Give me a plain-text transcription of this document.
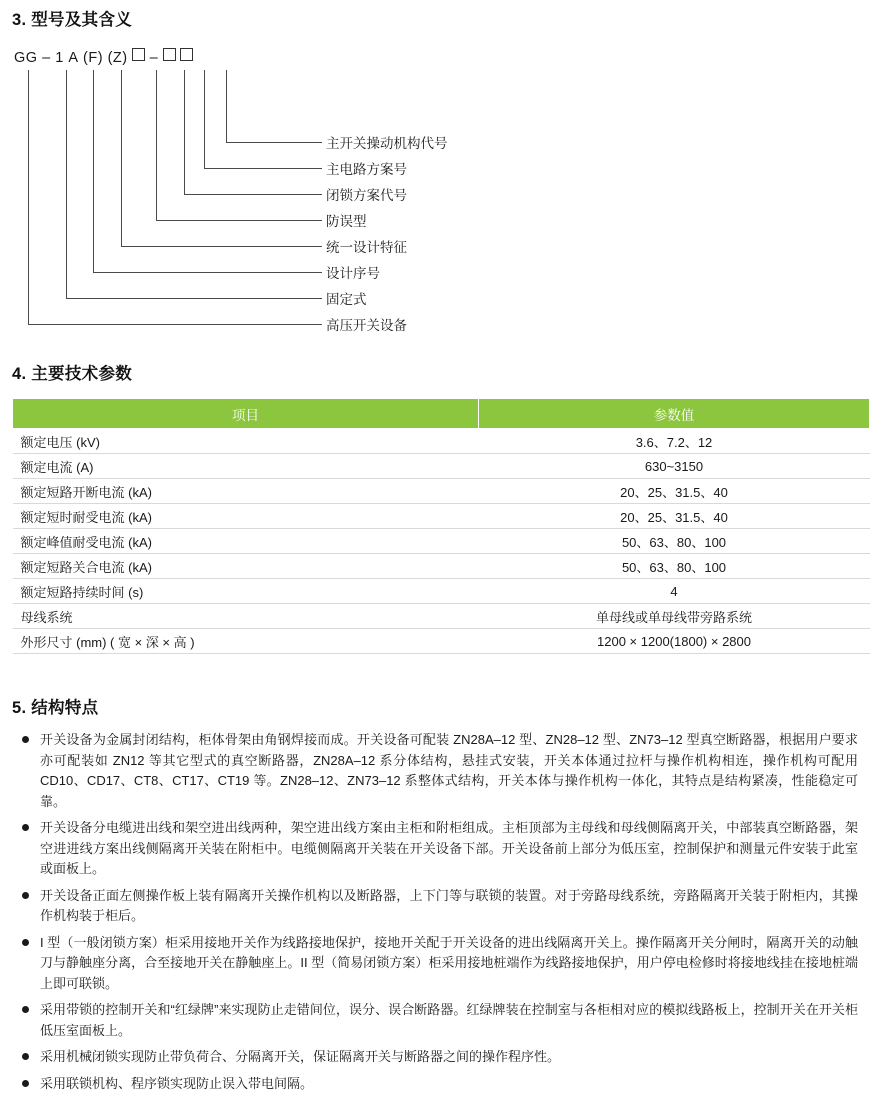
3. 型号及其含义
GG – 1 A (F) (Z) –
主开关操动机构代号
主电路方案号
闭锁方案代号
防误型
统一设计特征
设计序号
固定式
高压开关设备
4. 主要技术参数
项目	参数值
额定电压 (kV)	3.6、7.2、12
额定电流 (A)	630~3150
额定短路开断电流 (kA)	20、25、31.5、40
额定短时耐受电流 (kA)	20、25、31.5、40
额定峰值耐受电流 (kA)	50、63、80、100
额定短路关合电流 (kA)	50、63、80、100
额定短路持续时间 (s)	4
母线系统	单母线或单母线带旁路系统
外形尺寸 (mm) ( 宽 × 深 × 高 )	1200 × 1200(1800) × 2800
5. 结构特点
开关设备为金属封闭结构，柜体骨架由角钢焊接而成。开关设备可配装 ZN28A–12 型、ZN28–12 型、ZN73–12 型真空断路器，根据用户要求亦可配装如 ZN12 等其它型式的真空断路器，ZN28A–12 系分体结构，悬挂式安装，开关本体通过拉杆与操作机构相连，操作机构可配用 CD10、CD17、CT8、CT17、CT19 等。ZN28–12、ZN73–12 系整体式结构，开关本体与操作机构一体化，其特点是结构紧凑，性能稳定可靠。
开关设备分电缆进出线和架空进出线两种，架空进出线方案由主柜和附柜组成。主柜顶部为主母线和母线侧隔离开关，中部装真空断路器，架空进进线方案出线侧隔离开关装在附柜中。电缆侧隔离开关装在开关设备下部。开关设备前上部分为低压室，控制保护和测量元件安装于此室或面板上。
开关设备正面左侧操作板上装有隔离开关操作机构以及断路器，上下门等与联锁的装置。对于旁路母线系统，旁路隔离开关装于附柜内，其操作机构装于柜后。
I 型（一般闭锁方案）柜采用接地开关作为线路接地保护，接地开关配于开关设备的进出线隔离开关上。操作隔离开关分闸时，隔离开关的动触刀与静触座分离，合至接地开关在静触座上。II 型（简易闭锁方案）柜采用接地桩端作为线路接地保护，用户停电检修时将接地线挂在接地桩端上即可联锁。
采用带锁的控制开关和“红绿牌”来实现防止走错间位，误分、误合断路器。红绿牌装在控制室与各柜相对应的模拟线路板上，控制开关在开关柜低压室面板上。
采用机械闭锁实现防止带负荷合、分隔离开关，保证隔离开关与断路器之间的操作程序性。
采用联锁机构、程序锁实现防止误入带电间隔。
